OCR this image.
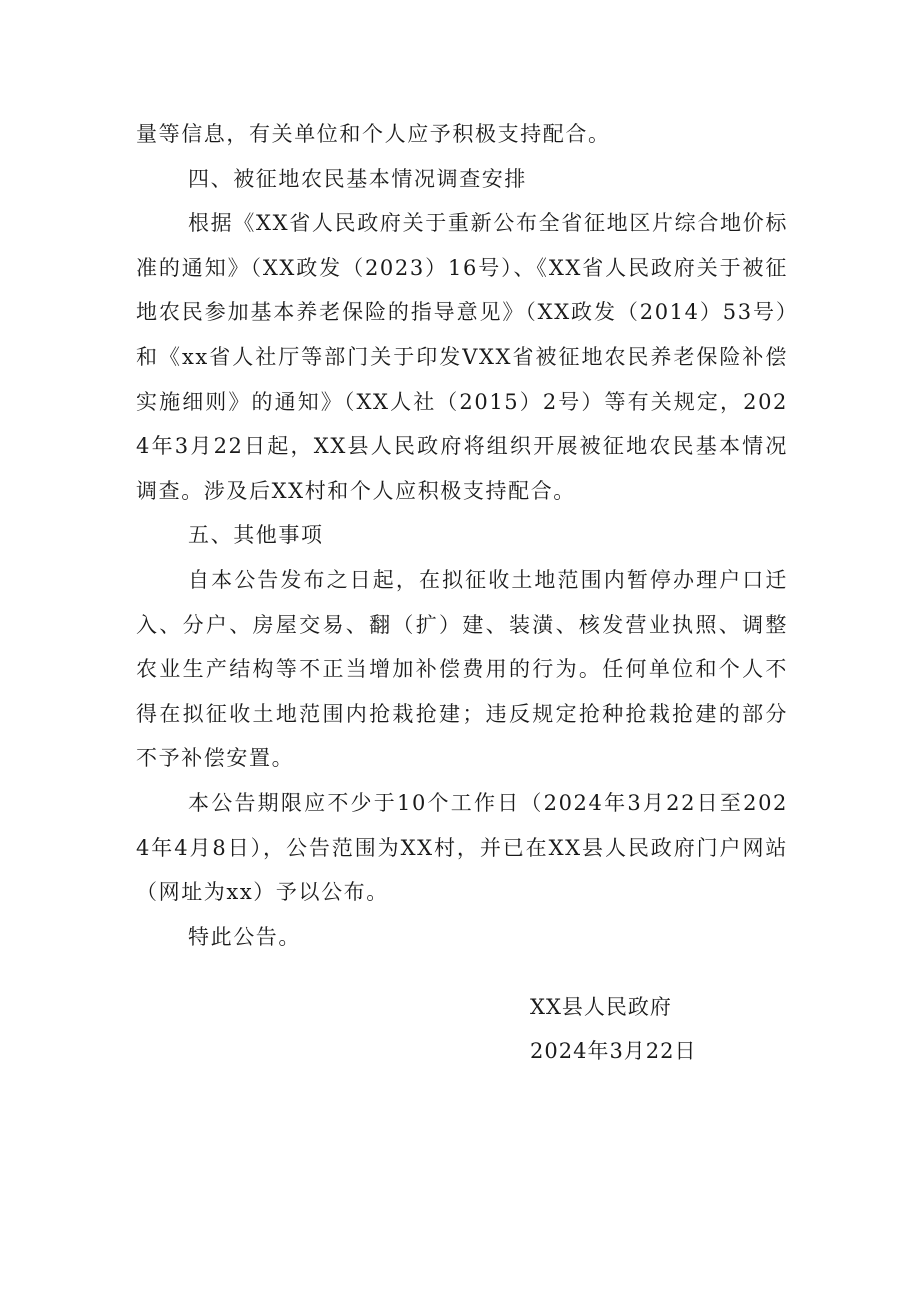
量等信息，有关单位和个人应予积极支持配合。

四、被征地农民基本情况调查安排

根据《XX省人民政府关于重新公布全省征地区片综合地价标准的通知》（XX政发（2023）16号）、《XX省人民政府关于被征地农民参加基本养老保险的指导意见》（XX政发（2014）53号）和《xx省人社厅等部门关于印发VXX省被征地农民养老保险补偿实施细则》的通知》（XX人社（2015）2号）等有关规定，2024年3月22日起，XX县人民政府将组织开展被征地农民基本情况调查。涉及后XX村和个人应积极支持配合。

五、其他事项

自本公告发布之日起，在拟征收土地范围内暂停办理户口迁入、分户、房屋交易、翻（扩）建、装潢、核发营业执照、调整农业生产结构等不正当增加补偿费用的行为。任何单位和个人不得在拟征收土地范围内抢栽抢建；违反规定抢种抢栽抢建的部分不予补偿安置。

本公告期限应不少于10个工作日（2024年3月22日至2024年4月8日），公告范围为XX村，并已在XX县人民政府门户网站（网址为xx）予以公布。

特此公告。

XX县人民政府

2024年3月22日
